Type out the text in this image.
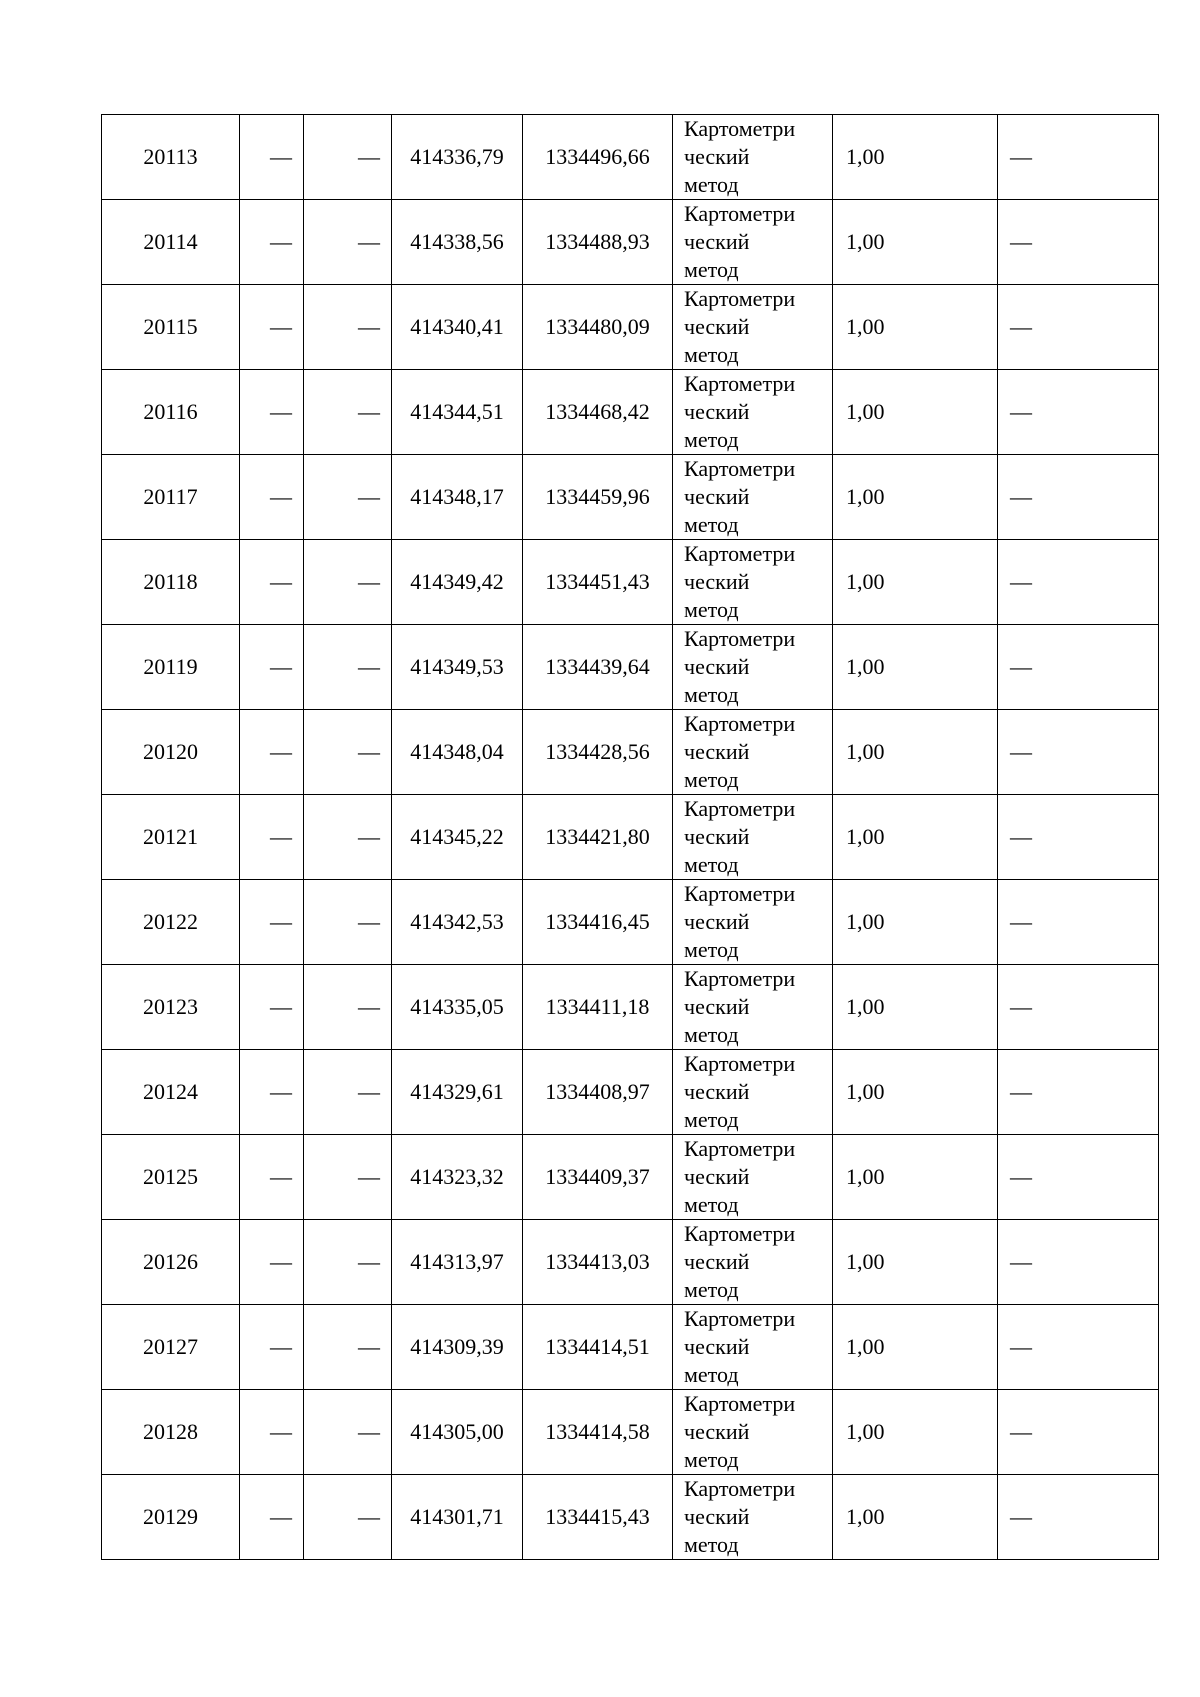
20113	—	—	414336,79	1334496,66	Картометри
ческий
метод	1,00	—
20114	—	—	414338,56	1334488,93	Картометри
ческий
метод	1,00	—
20115	—	—	414340,41	1334480,09	Картометри
ческий
метод	1,00	—
20116	—	—	414344,51	1334468,42	Картометри
ческий
метод	1,00	—
20117	—	—	414348,17	1334459,96	Картометри
ческий
метод	1,00	—
20118	—	—	414349,42	1334451,43	Картометри
ческий
метод	1,00	—
20119	—	—	414349,53	1334439,64	Картометри
ческий
метод	1,00	—
20120	—	—	414348,04	1334428,56	Картометри
ческий
метод	1,00	—
20121	—	—	414345,22	1334421,80	Картометри
ческий
метод	1,00	—
20122	—	—	414342,53	1334416,45	Картометри
ческий
метод	1,00	—
20123	—	—	414335,05	1334411,18	Картометри
ческий
метод	1,00	—
20124	—	—	414329,61	1334408,97	Картометри
ческий
метод	1,00	—
20125	—	—	414323,32	1334409,37	Картометри
ческий
метод	1,00	—
20126	—	—	414313,97	1334413,03	Картометри
ческий
метод	1,00	—
20127	—	—	414309,39	1334414,51	Картометри
ческий
метод	1,00	—
20128	—	—	414305,00	1334414,58	Картометри
ческий
метод	1,00	—
20129	—	—	414301,71	1334415,43	Картометри
ческий
метод	1,00	—
